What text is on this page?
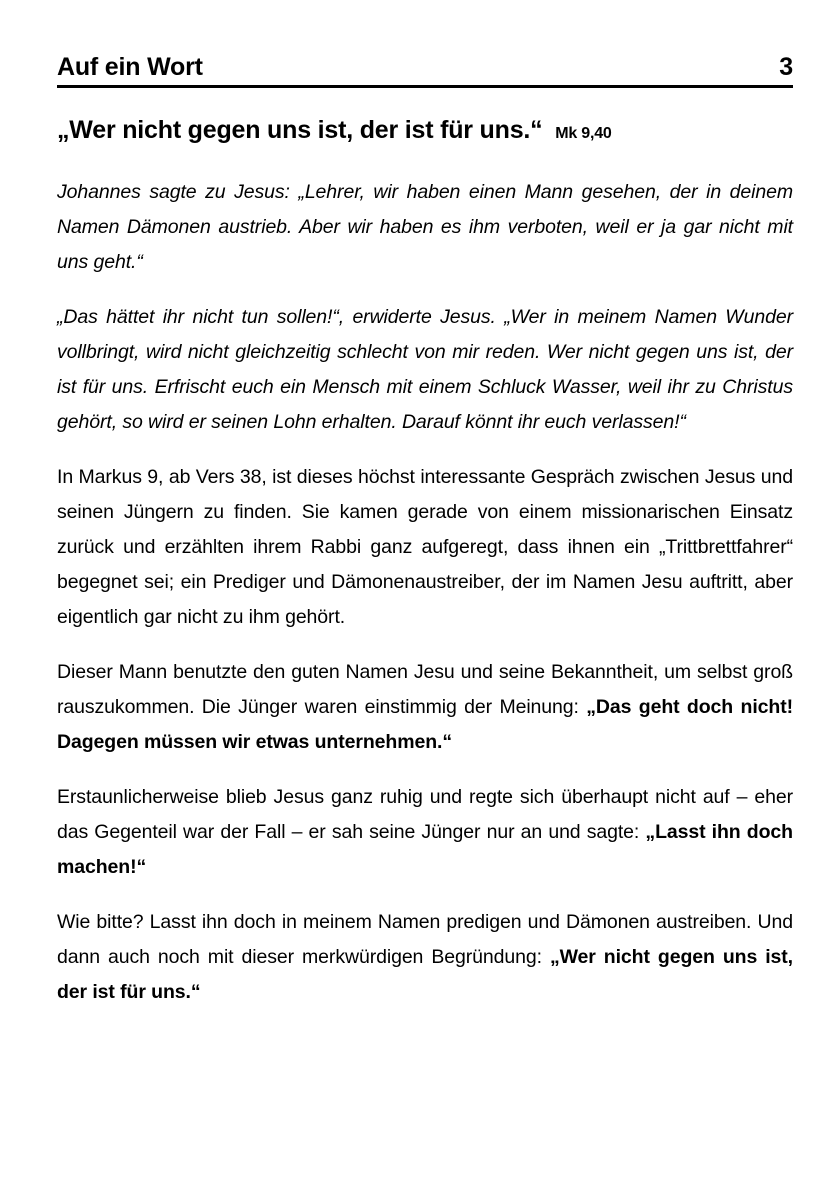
Auf ein Wort	3
„Wer nicht gegen uns ist, der ist für uns.“ Mk 9,40

Johannes sagte zu Jesus: „Lehrer, wir haben einen Mann gesehen, der in deinem Namen Dämonen austrieb. Aber wir haben es ihm verboten, weil er ja gar nicht mit uns geht.“

„Das hättet ihr nicht tun sollen!“, erwiderte Jesus. „Wer in meinem Namen Wunder vollbringt, wird nicht gleichzeitig schlecht von mir reden. Wer nicht gegen uns ist, der ist für uns. Erfrischt euch ein Mensch mit einem Schluck Wasser, weil ihr zu Christus gehört, so wird er seinen Lohn erhalten. Darauf könnt ihr euch verlassen!“

In Markus 9, ab Vers 38, ist dieses höchst interessante Gespräch zwischen Jesus und seinen Jüngern zu finden. Sie kamen gerade von einem missionarischen Einsatz zurück und erzählten ihrem Rabbi ganz aufgeregt, dass ihnen ein „Trittbrettfahrer“ begegnet sei; ein Prediger und Dämonenaustreiber, der im Namen Jesu auftritt, aber eigentlich gar nicht zu ihm gehört.

Dieser Mann benutzte den guten Namen Jesu und seine Bekanntheit, um selbst groß rauszukommen. Die Jünger waren einstimmig der Meinung: „Das geht doch nicht! Dagegen müssen wir etwas unternehmen.“

Erstaunlicherweise blieb Jesus ganz ruhig und regte sich überhaupt nicht auf – eher das Gegenteil war der Fall – er sah seine Jünger nur an und sagte: „Lasst ihn doch machen!“

Wie bitte? Lasst ihn doch in meinem Namen predigen und Dämonen austreiben. Und dann auch noch mit dieser merkwürdigen Begründung: „Wer nicht gegen uns ist, der ist für uns.“
